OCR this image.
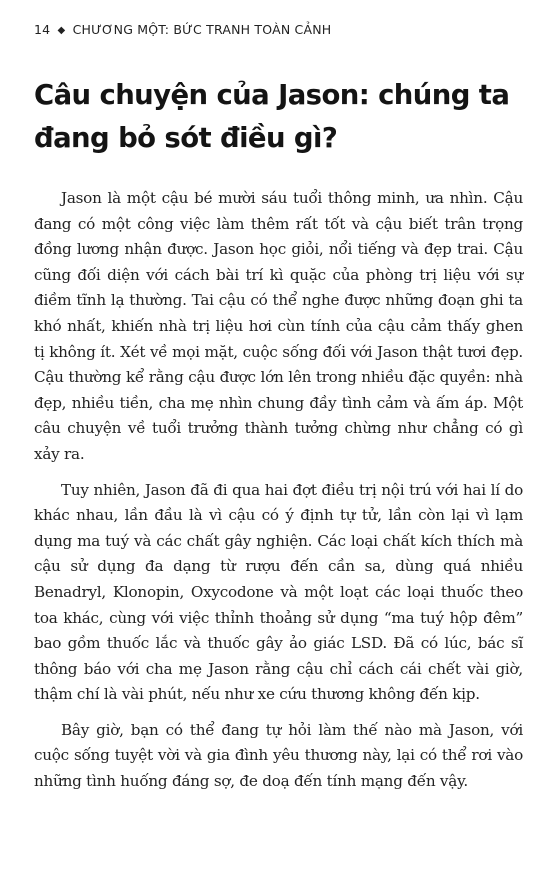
14 ◆ CHƯƠNG MỘT: BỨC TRANH TOÀN CẢNH
Câu chuyện của Jason: chúng ta đang bỏ sót điều gì?

Jason là một cậu bé mười sáu tuổi thông minh, ưa nhìn. Cậu đang có một công việc làm thêm rất tốt và cậu biết trân trọng đồng lương nhận được. Jason học giỏi, nổi tiếng và đẹp trai. Cậu cũng đối diện với cách bài trí kì quặc của phòng trị liệu với sự điềm tĩnh lạ thường. Tai cậu có thể nghe được những đoạn ghi ta khó nhất, khiến nhà trị liệu hơi cùn tính của cậu cảm thấy ghen tị không ít. Xét về mọi mặt, cuộc sống đối với Jason thật tươi đẹp. Cậu thường kể rằng cậu được lớn lên trong nhiều đặc quyền: nhà đẹp, nhiều tiền, cha mẹ nhìn chung đầy tình cảm và ấm áp. Một câu chuyện về tuổi trưởng thành tưởng chừng như chẳng có gì xảy ra.

Tuy nhiên, Jason đã đi qua hai đợt điều trị nội trú với hai lí do khác nhau, lần đầu là vì cậu có ý định tự tử, lần còn lại vì lạm dụng ma tuý và các chất gây nghiện. Các loại chất kích thích mà cậu sử dụng đa dạng từ rượu đến cần sa, dùng quá nhiều Benadryl, Klonopin, Oxycodone và một loạt các loại thuốc theo toa khác, cùng với việc thỉnh thoảng sử dụng “ma tuý hộp đêm” bao gồm thuốc lắc và thuốc gây ảo giác LSD. Đã có lúc, bác sĩ thông báo với cha mẹ Jason rằng cậu chỉ cách cái chết vài giờ, thậm chí là vài phút, nếu như xe cứu thương không đến kịp.

Bây giờ, bạn có thể đang tự hỏi làm thế nào mà Jason, với cuộc sống tuyệt vời và gia đình yêu thương này, lại có thể rơi vào những tình huống đáng sợ, đe doạ đến tính mạng đến vậy.
